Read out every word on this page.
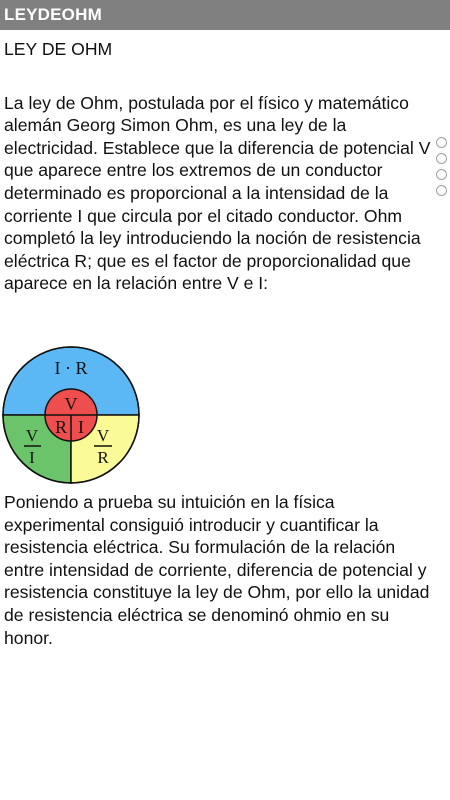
LEYDEOHM

LEY DE OHM

La ley de Ohm, postulada por el físico y matemático alemán Georg Simon Ohm, es una ley de la electricidad. Establece que la diferencia de potencial V que aparece entre los extremos de un conductor determinado es proporcional a la intensidad de la corriente I que circula por el citado conductor. Ohm completó la ley introduciendo la noción de resistencia eléctrica R; que es el factor de proporcionalidad que aparece en la relación entre V e I:

I · R
V
R I
V
I
V
R

Poniendo a prueba su intuición en la física experimental consiguió introducir y cuantificar la resistencia eléctrica. Su formulación de la relación entre intensidad de corriente, diferencia de potencial y resistencia constituye la ley de Ohm, por ello la unidad de resistencia eléctrica se denominó ohmio en su honor.
